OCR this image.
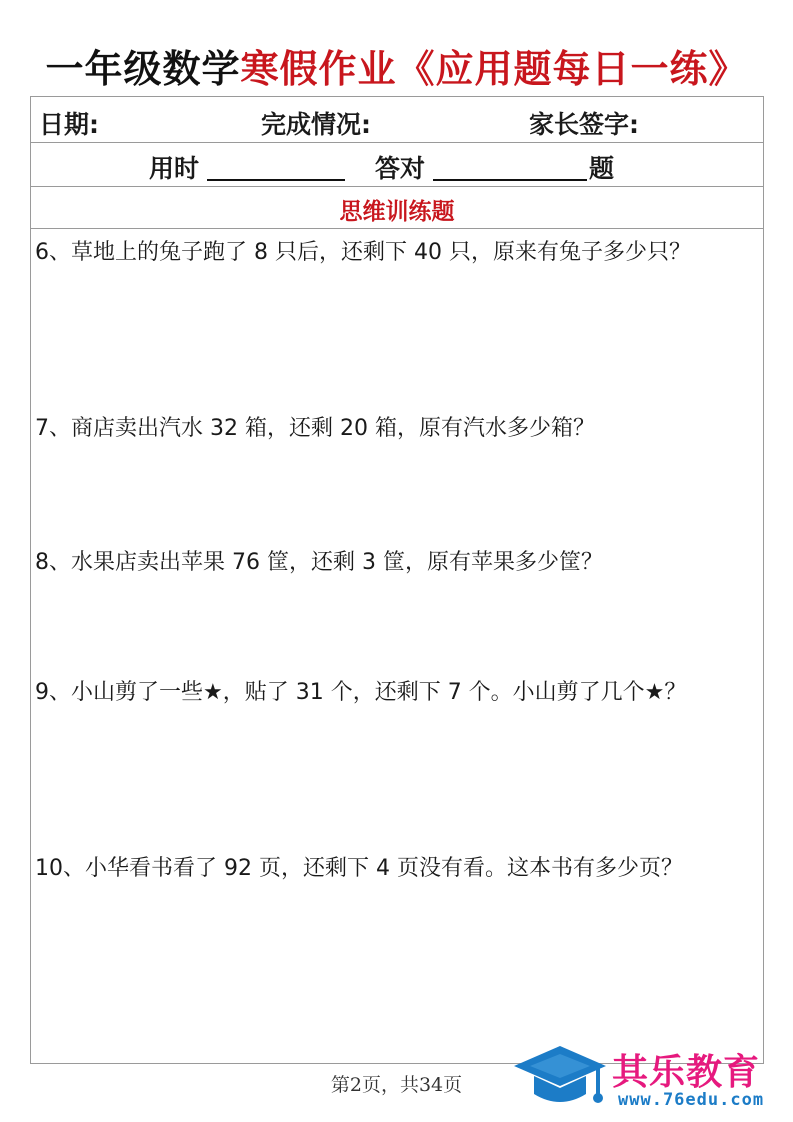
一年级数学寒假作业《应用题每日一练》
日期:	完成情况:	家长签字:
用时	答对	题
思维训练题
6、草地上的兔子跑了 8 只后，还剩下 40 只，原来有兔子多少只？
7、商店卖出汽水 32 箱，还剩 20 箱，原有汽水多少箱？
8、水果店卖出苹果 76 筐，还剩 3 筐，原有苹果多少筐？
9、小山剪了一些★，贴了 31 个，还剩下 7 个。小山剪了几个★？
10、小华看书看了 92 页，还剩下 4 页没有看。这本书有多少页？
第2页，共34页	其乐教育
www.76edu.com
